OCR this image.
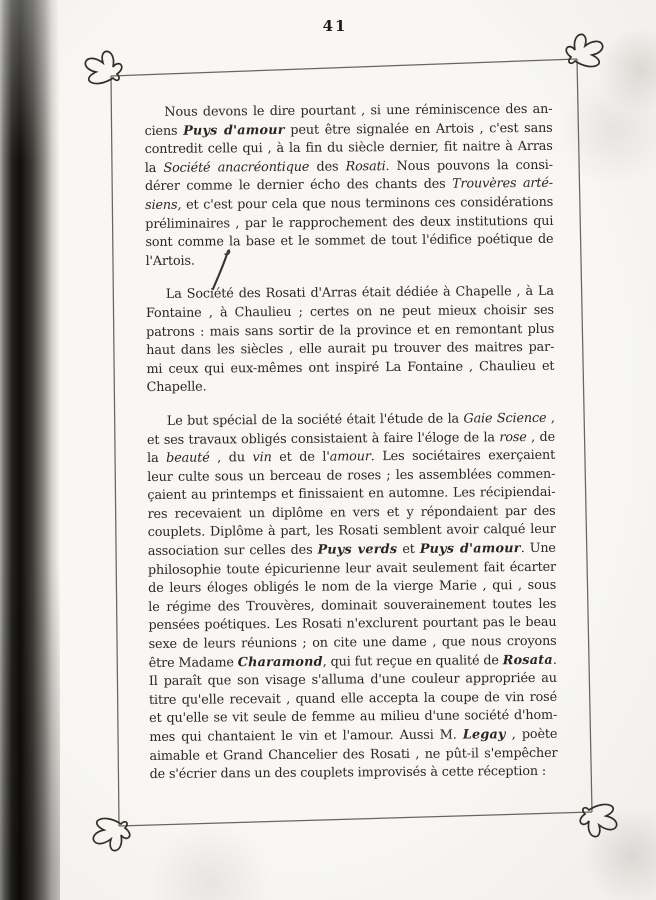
41
Nous devons le dire pourtant , si une réminiscence des an-
ciens Puys d'amour peut être signalée en Artois , c'est sans
contredit celle qui , à la fin du siècle dernier, fit naitre à Arras
la Société anacréontique des Rosati. Nous pouvons la consi-
dérer comme le dernier écho des chants des Trouvères arté-
siens, et c'est pour cela que nous terminons ces considérations
préliminaires , par le rapprochement des deux institutions qui
sont comme la base et le sommet de tout l'édifice poétique de
l'Artois.
La Société des Rosati d'Arras était dédiée à Chapelle , à La
Fontaine , à Chaulieu ; certes on ne peut mieux choisir ses
patrons : mais sans sortir de la province et en remontant plus
haut dans les siècles , elle aurait pu trouver des maitres par-
mi ceux qui eux-mêmes ont inspiré La Fontaine , Chaulieu et
Chapelle.
Le but spécial de la société était l'étude de la Gaie Science ,
et ses travaux obligés consistaient à faire l'éloge de la rose , de
la beauté , du vin et de l'amour. Les sociétaires exerçaient
leur culte sous un berceau de roses ; les assemblées commen-
çaient au printemps et finissaient en automne. Les récipiendai-
res recevaient un diplôme en vers et y répondaient par des
couplets. Diplôme à part, les Rosati semblent avoir calqué leur
association sur celles des Puys verds et Puys d'amour. Une
philosophie toute épicurienne leur avait seulement fait écarter
de leurs éloges obligés le nom de la vierge Marie , qui , sous
le régime des Trouvères, dominait souverainement toutes les
pensées poétiques. Les Rosati n'exclurent pourtant pas le beau
sexe de leurs réunions ; on cite une dame , que nous croyons
être Madame Charamond, qui fut reçue en qualité de Rosata.
Il paraît que son visage s'alluma d'une couleur appropriée au
titre qu'elle recevait , quand elle accepta la coupe de vin rosé
et qu'elle se vit seule de femme au milieu d'une société d'hom-
mes qui chantaient le vin et l'amour. Aussi M. Legay , poète
aimable et Grand Chancelier des Rosati , ne pût-il s'empêcher
de s'écrier dans un des couplets improvisés à cette réception :
